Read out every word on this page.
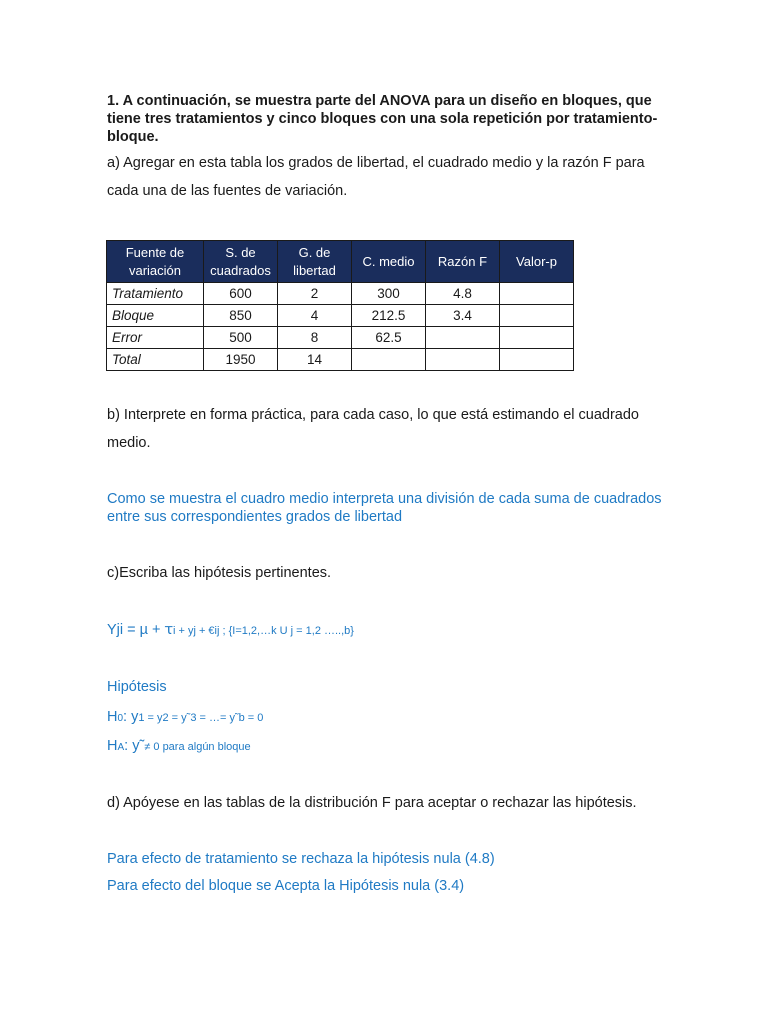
1. A continuación, se muestra parte del ANOVA para un diseño en bloques, que
tiene tres tratamientos y cinco bloques con una sola repetición por tratamiento-
bloque.
a) Agregar en esta tabla los grados de libertad, el cuadrado medio y la razón F para
cada una de las fuentes de variación.
Fuente de
variación	S. de
cuadrados	G. de
libertad	C. medio	Razón F	Valor-p
Tratamiento	600	2	300	4.8	
Bloque	850	4	212.5	3.4	
Error	500	8	62.5		
Total	1950	14			
b) Interprete en forma práctica, para cada caso, lo que está estimando el cuadrado
medio.
Como se muestra el cuadro medio interpreta una división de cada suma de cuadrados
entre sus correspondientes grados de libertad
c)Escriba las hipótesis pertinentes.
Yji = µ + ꚍi + yj + €ij ; {I=1,2,…k U j = 1,2 …..,b}
Hipótesis
H0: y1 = y2 = y˜3 = …= y˜b = 0
HA: y˜≠ 0 para algún bloque
d) Apóyese en las tablas de la distribución F para aceptar o rechazar las hipótesis.
Para efecto de tratamiento se rechaza la hipótesis nula (4.8)
Para efecto del bloque se Acepta la Hipótesis nula (3.4)
